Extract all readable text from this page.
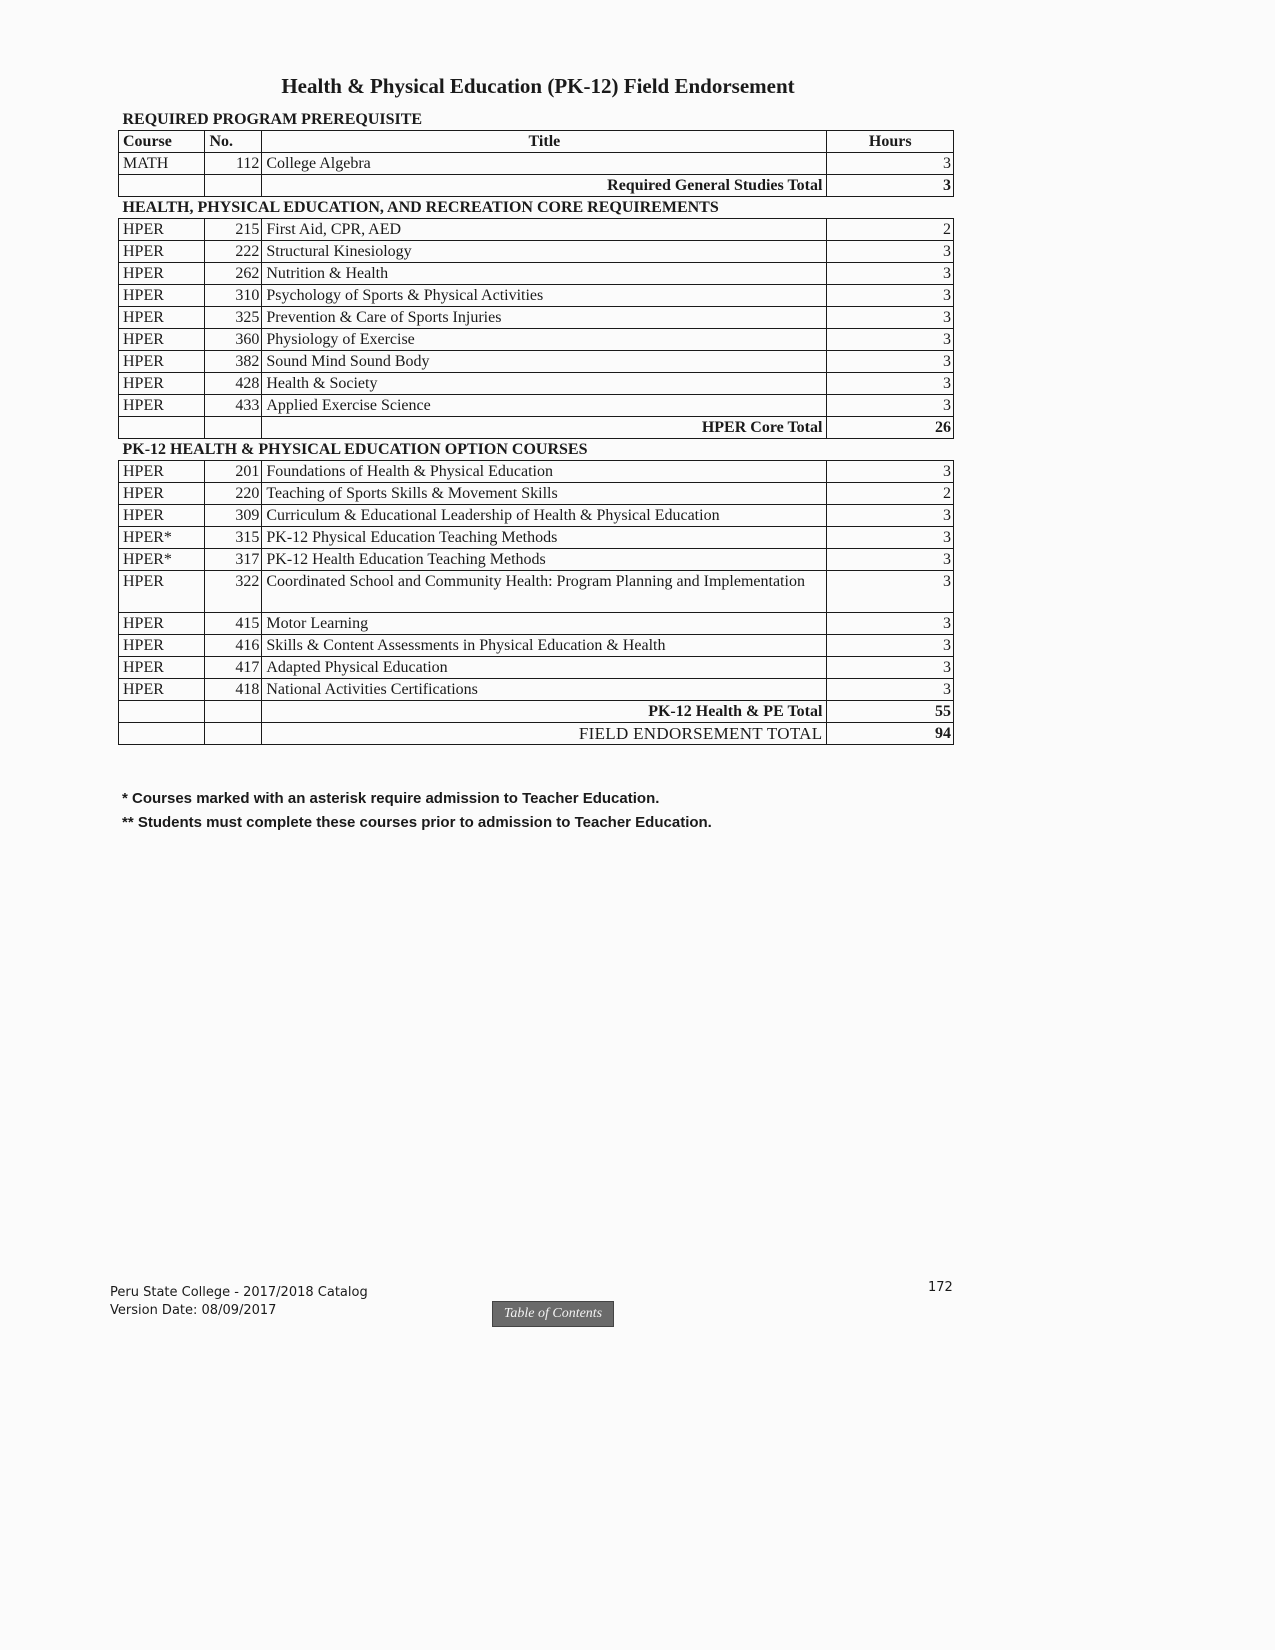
Health & Physical Education (PK-12) Field Endorsement
REQUIRED PROGRAM PREREQUISITE			
Course	No.	Title	Hours
MATH	112	College Algebra	3
		Required General Studies Total	3
HEALTH, PHYSICAL EDUCATION, AND RECREATION CORE REQUIREMENTS			
HPER	215	First Aid, CPR, AED	2
HPER	222	Structural Kinesiology	3
HPER	262	Nutrition & Health	3
HPER	310	Psychology of Sports & Physical Activities	3
HPER	325	Prevention & Care of Sports Injuries	3
HPER	360	Physiology of Exercise	3
HPER	382	Sound Mind Sound Body	3
HPER	428	Health & Society	3
HPER	433	Applied Exercise Science	3
		HPER Core Total	26
PK-12 HEALTH & PHYSICAL EDUCATION OPTION COURSES			
HPER	201	Foundations of Health & Physical Education	3
HPER	220	Teaching of Sports Skills & Movement Skills	2
HPER	309	Curriculum & Educational Leadership of Health & Physical Education	3
HPER*	315	PK-12 Physical Education Teaching Methods	3
HPER*	317	PK-12 Health Education Teaching Methods	3
HPER	322	Coordinated School and Community Health: Program Planning and Implementation	3
HPER	415	Motor Learning	3
HPER	416	Skills & Content Assessments in Physical Education & Health	3
HPER	417	Adapted Physical Education	3
HPER	418	National Activities Certifications	3
		PK-12 Health & PE Total	55
		FIELD ENDORSEMENT TOTAL	94
* Courses marked with an asterisk require admission to Teacher Education.
** Students must complete these courses prior to admission to Teacher Education.
Peru State College - 2017/2018 Catalog
Version Date: 08/09/2017	Table of Contents
172
